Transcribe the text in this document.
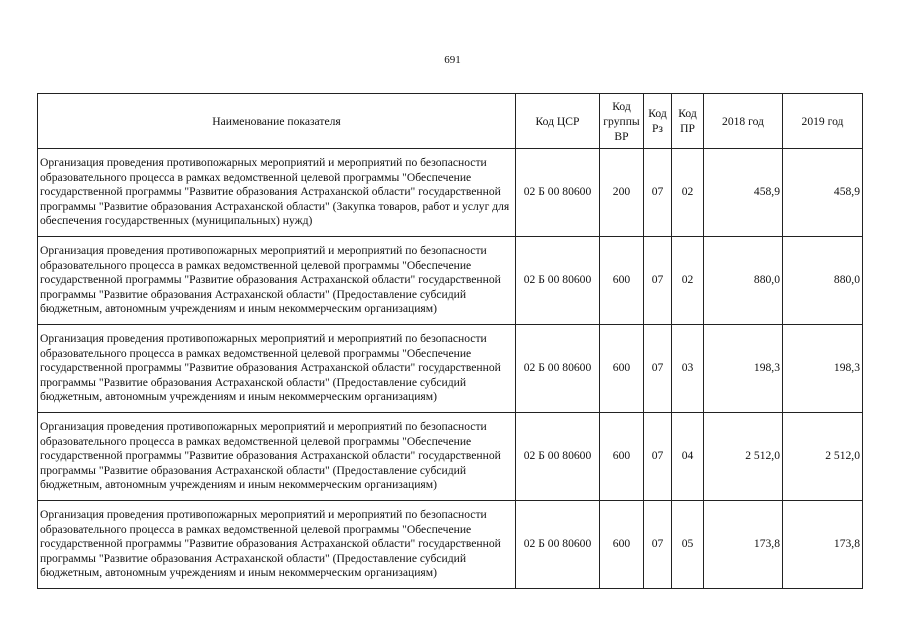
691
Наименование показателя	Код ЦСР	Код группы ВР	Код Рз	Код ПР	2018 год	2019 год
Организация проведения противопожарных мероприятий и мероприятий по безопасности образовательного процесса в рамках ведомственной целевой программы "Обеспечение государственной программы "Развитие образования Астраханской области" государственной программы "Развитие образования Астраханской области" (Закупка товаров, работ и услуг для обеспечения государственных (муниципальных) нужд)	02 Б 00 80600	200	07	02	458,9	458,9
Организация проведения противопожарных мероприятий и мероприятий по безопасности образовательного процесса в рамках ведомственной целевой программы "Обеспечение государственной программы "Развитие образования Астраханской области" государственной программы "Развитие образования Астраханской области" (Предоставление субсидий бюджетным, автономным учреждениям и иным некоммерческим организациям)	02 Б 00 80600	600	07	02	880,0	880,0
Организация проведения противопожарных мероприятий и мероприятий по безопасности образовательного процесса в рамках ведомственной целевой программы "Обеспечение государственной программы "Развитие образования Астраханской области" государственной программы "Развитие образования Астраханской области" (Предоставление субсидий бюджетным, автономным учреждениям и иным некоммерческим организациям)	02 Б 00 80600	600	07	03	198,3	198,3
Организация проведения противопожарных мероприятий и мероприятий по безопасности образовательного процесса в рамках ведомственной целевой программы "Обеспечение государственной программы "Развитие образования Астраханской области" государственной программы "Развитие образования Астраханской области" (Предоставление субсидий бюджетным, автономным учреждениям и иным некоммерческим организациям)	02 Б 00 80600	600	07	04	2 512,0	2 512,0
Организация проведения противопожарных мероприятий и мероприятий по безопасности образовательного процесса в рамках ведомственной целевой программы "Обеспечение государственной программы "Развитие образования Астраханской области" государственной программы "Развитие образования Астраханской области" (Предоставление субсидий бюджетным, автономным учреждениям и иным некоммерческим организациям)	02 Б 00 80600	600	07	05	173,8	173,8
